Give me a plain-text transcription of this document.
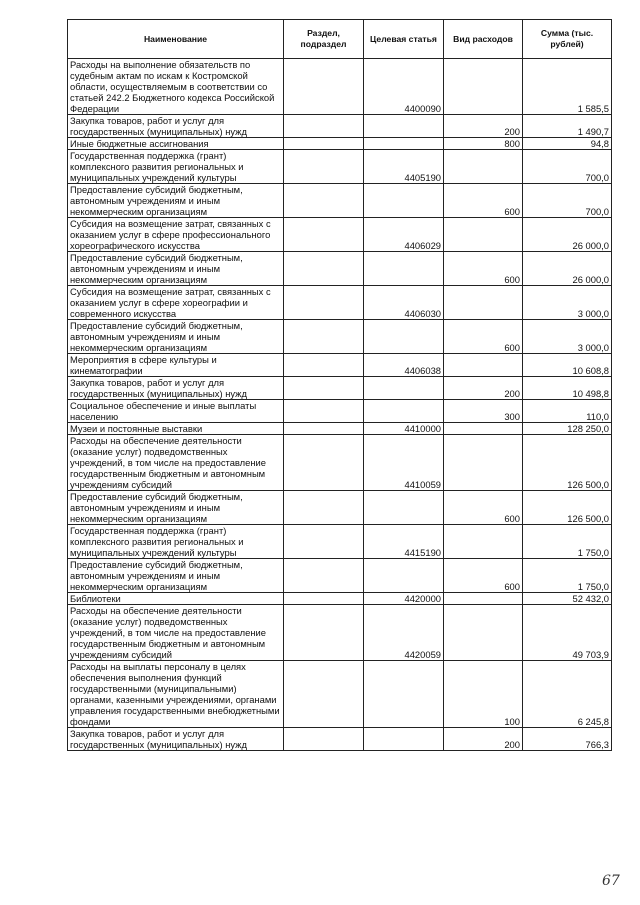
Наименование	Раздел, подраздел	Целевая статья	Вид расходов	Сумма (тыс. рублей)
Расходы на выполнение обязательств по судебным актам по искам к Костромской области, осуществляемым в соответствии со статьей 242.2 Бюджетного кодекса Российской Федерации		4400090		1 585,5
Закупка товаров, работ и услуг для государственных (муниципальных) нужд			200	1 490,7
Иные бюджетные ассигнования			800	94,8
Государственная поддержка (грант) комплексного развития региональных и муниципальных учреждений культуры		4405190		700,0
Предоставление субсидий бюджетным, автономным учреждениям и иным некоммерческим организациям			600	700,0
Субсидия на возмещение затрат, связанных с оказанием услуг в сфере профессионального хореографического искусства		4406029		26 000,0
Предоставление субсидий бюджетным, автономным учреждениям и иным некоммерческим организациям			600	26 000,0
Субсидия на возмещение затрат, связанных с оказанием услуг в сфере хореографии и современного искусства		4406030		3 000,0
Предоставление субсидий бюджетным, автономным учреждениям и иным некоммерческим организациям			600	3 000,0
Мероприятия в сфере культуры и кинематографии		4406038		10 608,8
Закупка товаров, работ и услуг для государственных (муниципальных) нужд			200	10 498,8
Социальное обеспечение и иные выплаты населению			300	110,0
Музеи и постоянные выставки		4410000		128 250,0
Расходы на обеспечение деятельности (оказание услуг) подведомственных учреждений, в том числе на предоставление государственным бюджетным и автономным учреждениям субсидий		4410059		126 500,0
Предоставление субсидий бюджетным, автономным учреждениям и иным некоммерческим организациям			600	126 500,0
Государственная поддержка (грант) комплексного развития региональных и муниципальных учреждений культуры		4415190		1 750,0
Предоставление субсидий бюджетным, автономным учреждениям и иным некоммерческим организациям			600	1 750,0
Библиотеки		4420000		52 432,0
Расходы на обеспечение деятельности (оказание услуг) подведомственных учреждений, в том числе на предоставление государственным бюджетным и автономным учреждениям субсидий		4420059		49 703,9
Расходы на выплаты персоналу в целях обеспечения выполнения функций государственными (муниципальными) органами, казенными учреждениями, органами управления государственными внебюджетными фондами			100	6 245,8
Закупка товаров, работ и услуг для государственных (муниципальных) нужд			200	766,3
67
